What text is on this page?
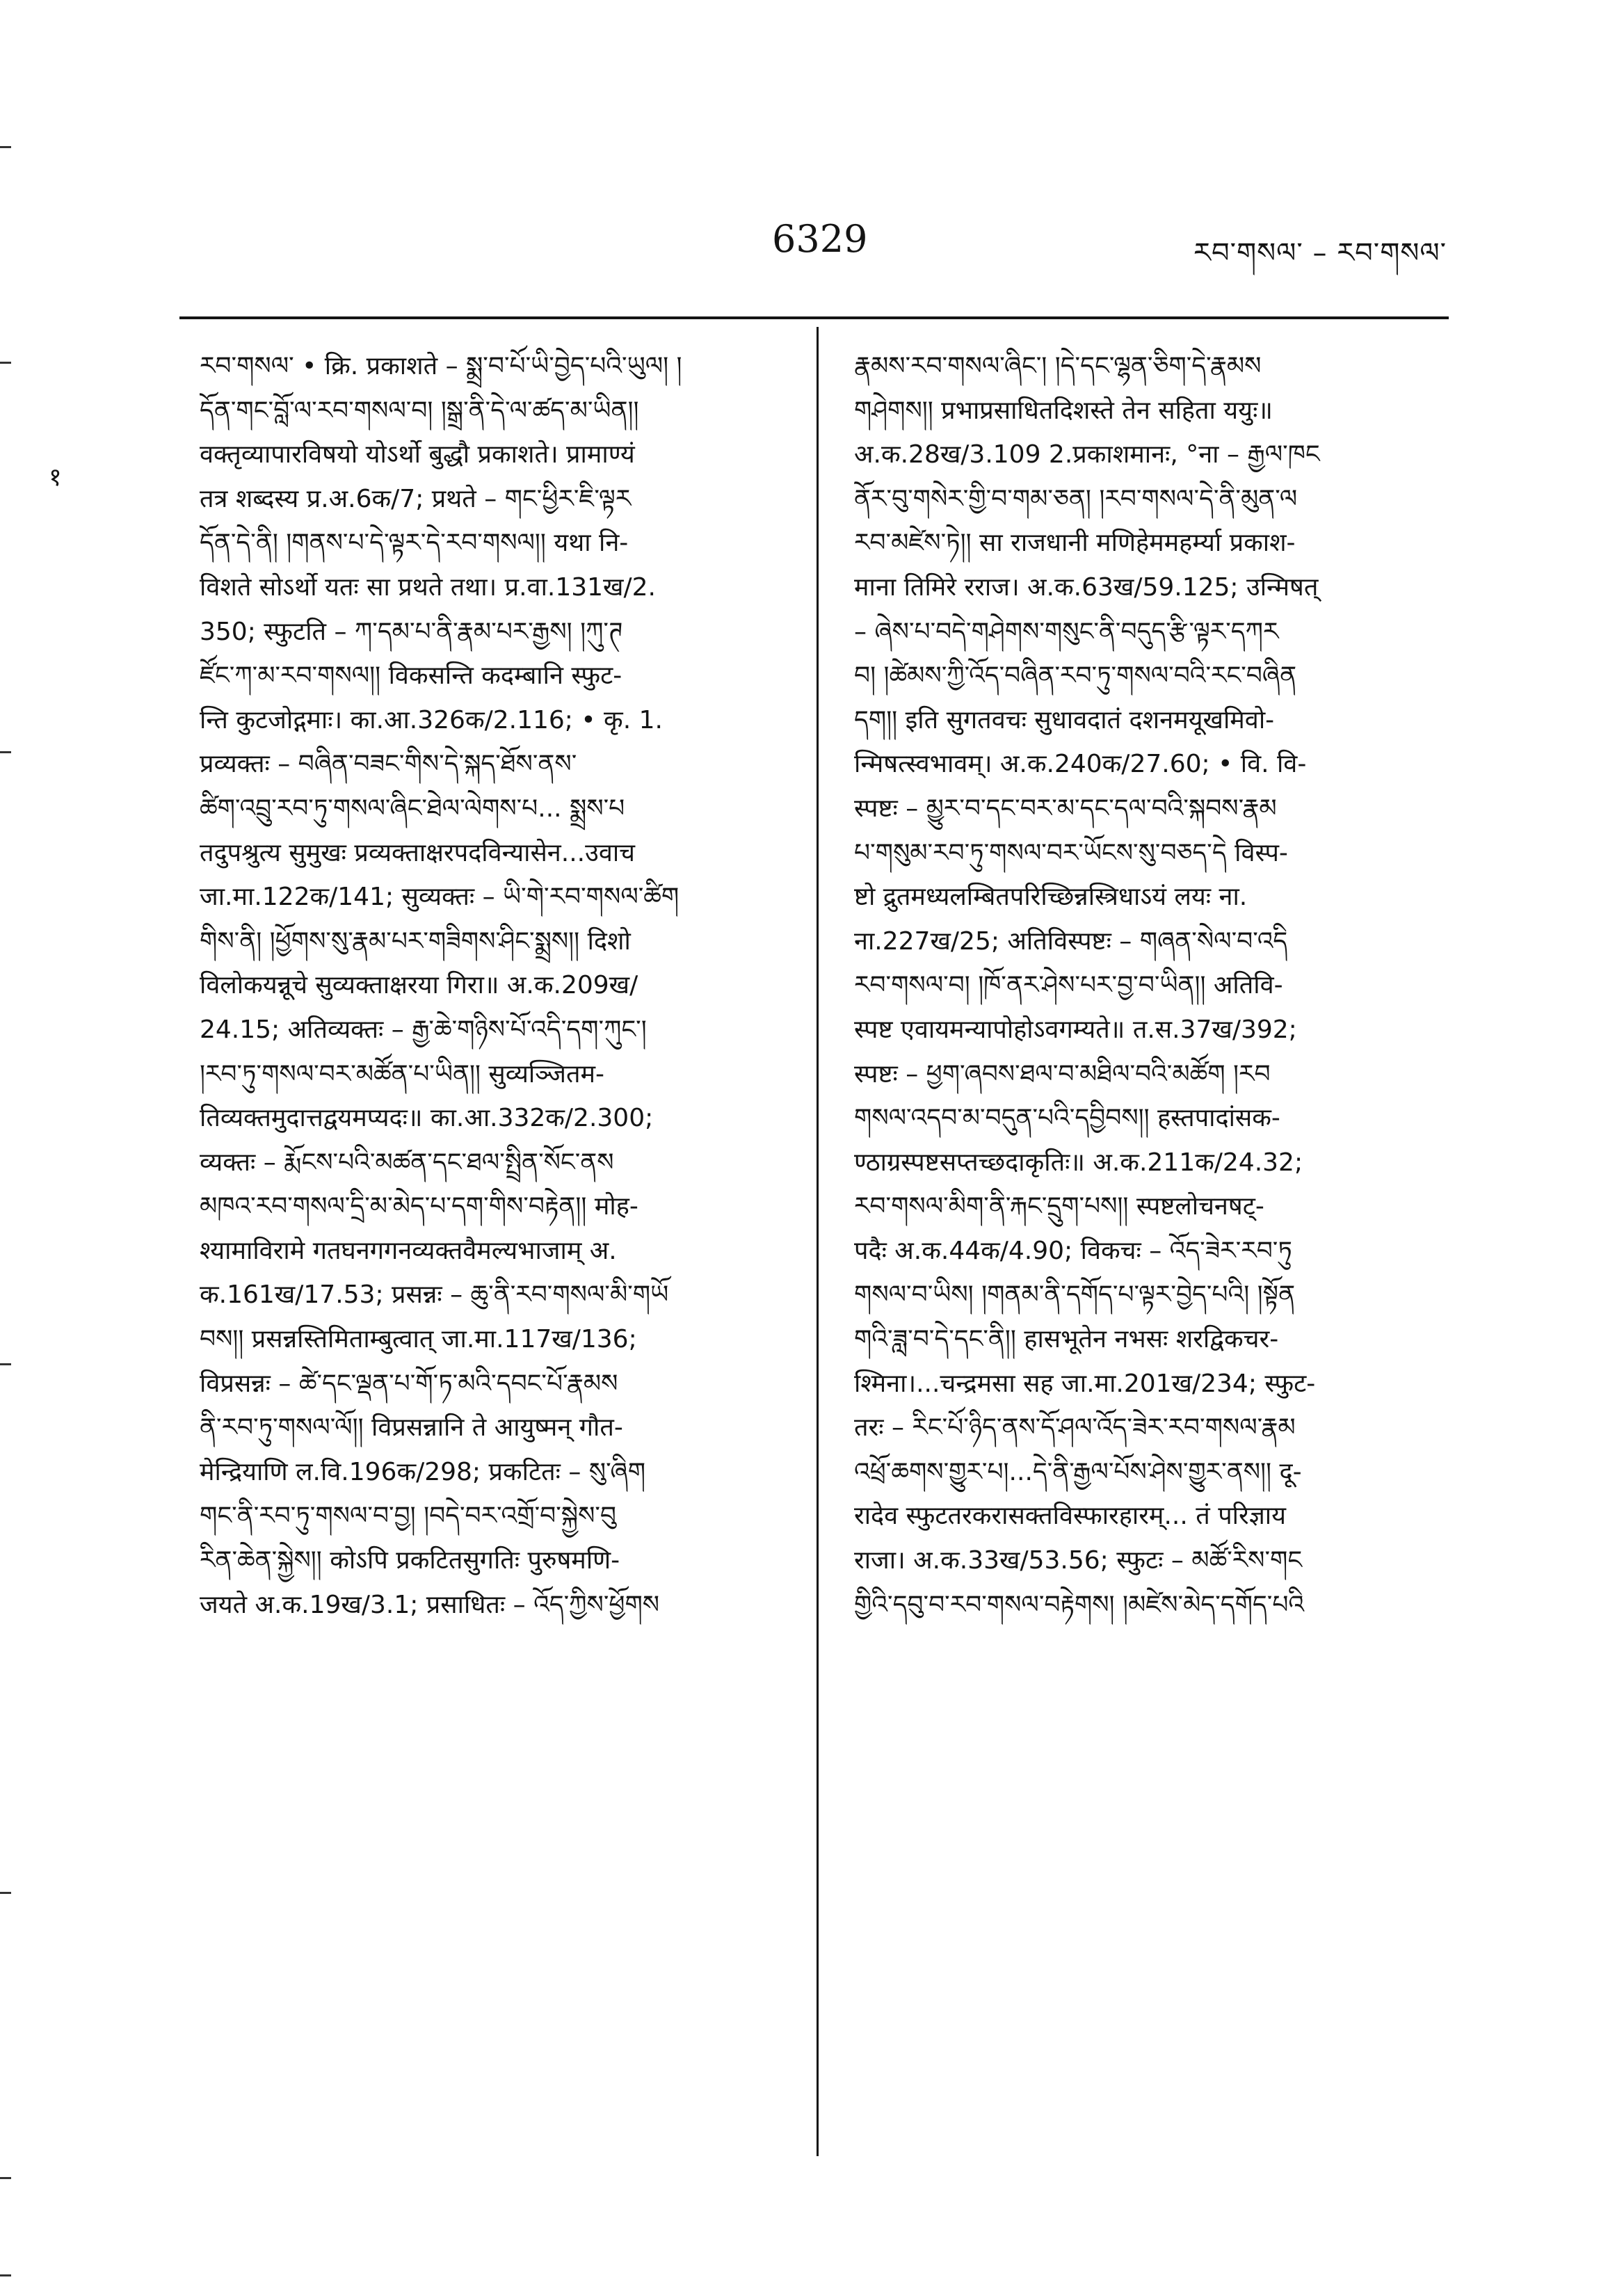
6329	རབ་གསལ་ – རབ་གསལ་
१
རབ་གསལ་ • क्रि. प्रकाशते – སྨྲ་བ་པོ་ཡི་བྱེད་པའི་ཡུལ། །
དོན་གང་བློ་ལ་རབ་གསལ་བ། །སྒྲ་ནི་དེ་ལ་ཚད་མ་ཡིན།།
वक्तृव्यापारविषयो योऽर्थो बुद्धौ प्रकाशते। प्रामाण्यं
तत्र शब्दस्य प्र.अ.6क/7; प्रथते – གང་ཕྱིར་ཇི་ལྟར
དོན་དེ་ནི། །གནས་པ་དེ་ལྟར་དེ་རབ་གསལ།། यथा नि-
विशते सोऽर्थो यतः सा प्रथते तथा। प्र.वा.131ख/2.
350; स्फुटति – ཀ་དམ་པ་ནི་རྣམ་པར་རྒྱས། །ཀུ་ཊ
ཛོང་ཀ་མ་རབ་གསལ།། विकसन्ति कदम्बानि स्फुट-
न्ति कुटजोद्गमाः। का.आ.326क/2.116; • कृ. 1.
प्रव्यक्तः – བཞིན་བཟང་གིས་དེ་སྐད་ཐོས་ནས་
ཚིག་འབྲུ་རབ་ཏུ་གསལ་ཞིང་ཐེལ་ལེགས་པ... སྨྲས་པ
तदुपश्रुत्य सुमुखः प्रव्यक्ताक्षरपदविन्यासेन...उवाच
जा.मा.122क/141; सुव्यक्तः – ཡི་གེ་རབ་གསལ་ཚིག
གིས་ནི། །ཕྱོགས་སུ་རྣམ་པར་གཟིགས་ཤིང་སྨྲས།། दिशो
विलोकयन्नूचे सुव्यक्ताक्षरया गिरा॥ अ.क.209ख/
24.15; अतिव्यक्तः – རྒྱ་ཆེ་གཉིས་པོ་འདི་དག་ཀུང་།
།རབ་ཏུ་གསལ་བར་མཚོན་པ་ཡིན།། सुव्यञ्जितम-
तिव्यक्तमुदात्तद्वयमप्यदः॥ का.आ.332क/2.300;
व्यक्तः – རྨོངས་པའི་མཚན་དང་ཐལ་སྤྲིན་སོང་ནས
མཁའ་རབ་གསལ་དྲི་མ་མེད་པ་དག་གིས་བརྟེན།། मोह-
श्यामाविरामे गतघनगगनव्यक्तवैमल्यभाजाम् अ.
क.161ख/17.53; प्रसन्नः – ཆུ་ནི་རབ་གསལ་མི་གཡོ
བས།། प्रसन्नस्तिमिताम्बुत्वात् जा.मा.117ख/136;
विप्रसन्नः – ཚེ་དང་ལྡན་པ་གོ་ཏ་མའི་དབང་པོ་རྣམས
ནི་རབ་ཏུ་གསལ་ལོ།། विप्रसन्नानि ते आयुष्मन् गौत-
मेन्द्रियाणि ल.वि.196क/298; प्रकटितः – སུ་ཞིག
གང་ནི་རབ་ཏུ་གསལ་བ་བྱ། །བདེ་བར་འགྲོ་བ་སྐྱེས་བུ
རིན་ཆེན་སྐྱེས།། कोऽपि प्रकटितसुगतिः पुरुषमणि-
जयते अ.क.19ख/3.1; प्रसाधितः – འོད་ཀྱིས་ཕྱོགས
རྣམས་རབ་གསལ་ཞིང་། །དེ་དང་ལྷན་ཅིག་དེ་རྣམས
གཤེགས།། प्रभाप्रसाधितदिशस्ते तेन सहिता ययुः॥
अ.क.28ख/3.109 2.प्रकाशमानः, °ना – རྒྱལ་ཁང
ནོར་བུ་གསེར་གྱི་བ་གམ་ཅན། །རབ་གསལ་དེ་ནི་མུན་ལ
རབ་མཛེས་ཏེ།། सा राजधानी मणिहेममहर्म्या प्रकाश-
माना तिमिरे रराज। अ.क.63ख/59.125; उन्मिषत्
– ཞེས་པ་བདེ་གཤེགས་གསུང་ནི་བདུད་རྩི་ལྟར་དཀར
བ། །ཚེམས་ཀྱི་འོད་བཞིན་རབ་ཏུ་གསལ་བའི་རང་བཞིན
དག།། इति सुगतवचः सुधावदातं दशनमयूखमिवो-
न्मिषत्स्वभावम्। अ.क.240क/27.60; • वि. वि-
स्पष्टः – མྱུར་བ་དང་བར་མ་དང་དལ་བའི་སྐབས་རྣམ
པ་གསུམ་རབ་ཏུ་གསལ་བར་ཡོངས་སུ་བཅད་དེ विस्प-
ष्टो द्रुतमध्यलम्बितपरिच्छिन्नस्त्रिधाऽयं लयः ना.
ना.227ख/25; अतिविस्पष्टः – གཞན་སེལ་བ་འདི
རབ་གསལ་བ། །ཁོ་ནར་ཤེས་པར་བྱ་བ་ཡིན།། अतिवि-
स्पष्ट एवायमन्यापोहोऽवगम्यते॥ त.स.37ख/392;
स्पष्टः – ཕྱག་ཞབས་ཐལ་བ་མཐིལ་བའི་མཚོག །རབ
གསལ་འདབ་མ་བདུན་པའི་དབྱིབས།། हस्तपादांसक-
ण्ठाग्रस्पष्टसप्तच्छदाकृतिः॥ अ.क.211क/24.32;
རབ་གསལ་མིག་ནི་རྐང་དྲུག་པས།། स्पष्टलोचनषट्-
पदैः अ.क.44क/4.90; विकचः – འོད་ཟེར་རབ་ཏུ
གསལ་བ་ཡིས། །གནམ་ནི་དགོད་པ་ལྟར་བྱེད་པའི། །སྟོན
གའི་ཟླ་བ་དེ་དང་ནི།། हासभूतेन नभसः शरद्विकचर-
श्मिना।...चन्द्रमसा सह जा.मा.201ख/234; स्फुट-
तरः – རིང་པོ་ཉིད་ནས་དོ་ཤལ་འོད་ཟེར་རབ་གསལ་རྣམ
འཕྲོ་ཆགས་གྱུར་པ།...དེ་ནི་རྒྱལ་པོས་ཤེས་གྱུར་ནས།། दू-
रादेव स्फुटतरकरासक्तविस्फारहारम्... तं परिज्ञाय
राजा। अ.क.33ख/53.56; स्फुटः – མཚོ་རིས་གང
གྱིའི་དབུ་བ་རབ་གསལ་བརྟེགས། །མཛེས་མེད་དགོད་པའི
